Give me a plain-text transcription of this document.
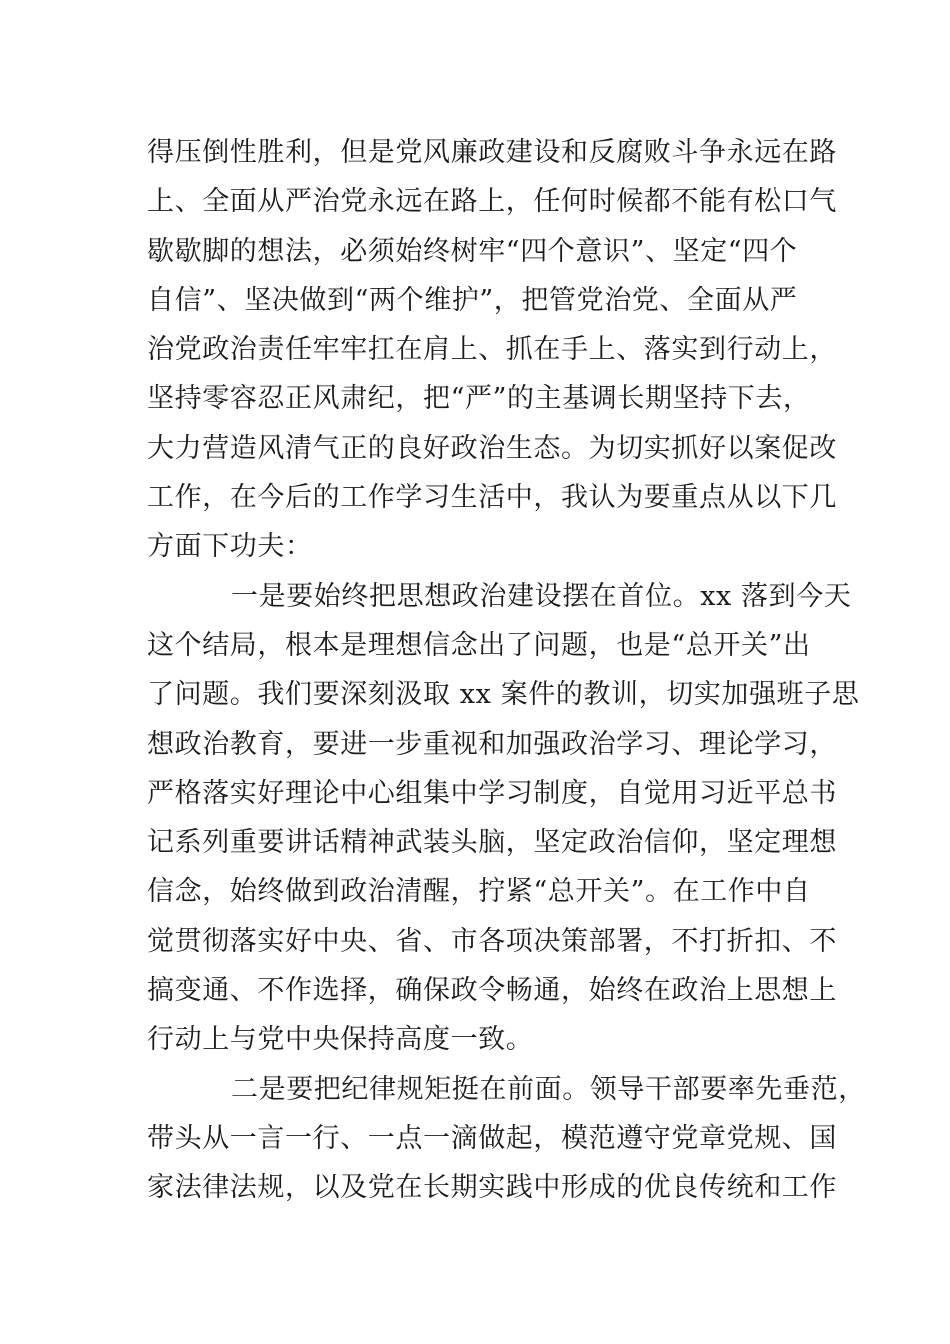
得压倒性胜利，但是党风廉政建设和反腐败斗争永远在路
上、全面从严治党永远在路上，任何时候都不能有松口气
歇歇脚的想法，必须始终树牢“四个意识”、坚定“四个
自信”、坚决做到“两个维护”，把管党治党、全面从严
治党政治责任牢牢扛在肩上、抓在手上、落实到行动上，
坚持零容忍正风肃纪，把“严”的主基调长期坚持下去，
大力营造风清气正的良好政治生态。为切实抓好以案促改
工作，在今后的工作学习生活中，我认为要重点从以下几
方面下功夫：
一是要始终把思想政治建设摆在首位。xx 落到今天
这个结局，根本是理想信念出了问题，也是“总开关”出
了问题。我们要深刻汲取 xx 案件的教训，切实加强班子思
想政治教育，要进一步重视和加强政治学习、理论学习，
严格落实好理论中心组集中学习制度，自觉用习近平总书
记系列重要讲话精神武装头脑，坚定政治信仰，坚定理想
信念，始终做到政治清醒，拧紧“总开关”。在工作中自
觉贯彻落实好中央、省、市各项决策部署，不打折扣、不
搞变通、不作选择，确保政令畅通，始终在政治上思想上
行动上与党中央保持高度一致。
二是要把纪律规矩挺在前面。领导干部要率先垂范，
带头从一言一行、一点一滴做起，模范遵守党章党规、国
家法律法规，以及党在长期实践中形成的优良传统和工作
